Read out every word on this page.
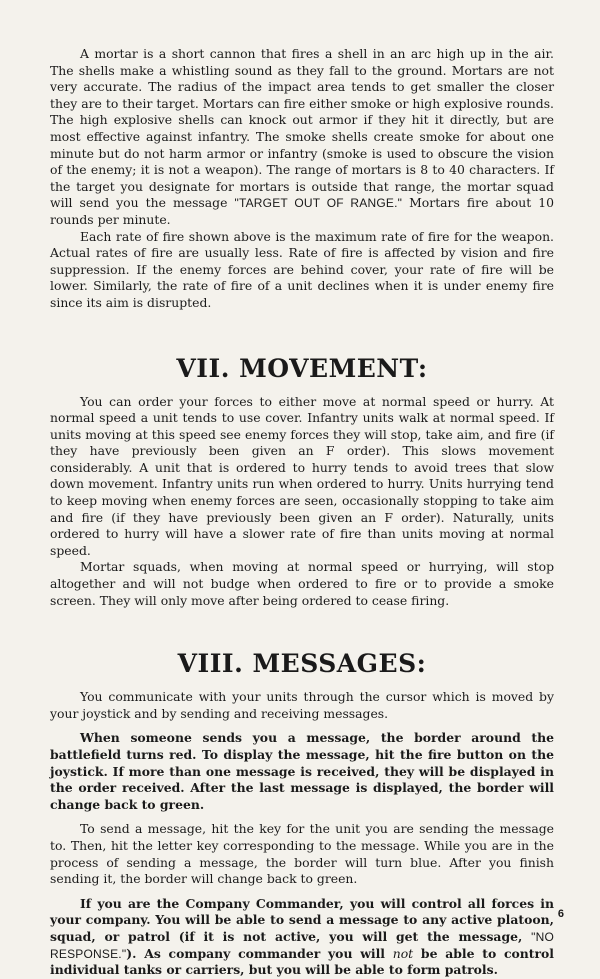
A mortar is a short cannon that fires a shell in an arc high up in the air. The shells make a whistling sound as they fall to the ground. Mortars are not very accurate. The radius of the impact area tends to get smaller the closer they are to their target. Mortars can fire either smoke or high explosive rounds. The high explosive shells can knock out armor if they hit it directly, but are most effective against infantry. The smoke shells create smoke for about one minute but do not harm armor or infantry (smoke is used to obscure the vision of the enemy; it is not a weapon). The range of mortars is 8 to 40 characters. If the target you designate for mortars is outside that range, the mortar squad will send you the message "TARGET OUT OF RANGE." Mortars fire about 10 rounds per minute.

Each rate of fire shown above is the maximum rate of fire for the weapon. Actual rates of fire are usually less. Rate of fire is affected by vision and fire suppression. If the enemy forces are behind cover, your rate of fire will be lower. Similarly, the rate of fire of a unit declines when it is under enemy fire since its aim is disrupted.

VII. MOVEMENT:

You can order your forces to either move at normal speed or hurry. At normal speed a unit tends to use cover. Infantry units walk at normal speed. If units moving at this speed see enemy forces they will stop, take aim, and fire (if they have previously been given an F order). This slows movement considerably. A unit that is ordered to hurry tends to avoid trees that slow down movement. Infantry units run when ordered to hurry. Units hurrying tend to keep moving when enemy forces are seen, occasionally stopping to take aim and fire (if they have previously been given an F order). Naturally, units ordered to hurry will have a slower rate of fire than units moving at normal speed.

Mortar squads, when moving at normal speed or hurrying, will stop altogether and will not budge when ordered to fire or to provide a smoke screen. They will only move after being ordered to cease firing.

VIII. MESSAGES:

You communicate with your units through the cursor which is moved by your joystick and by sending and receiving messages.

When someone sends you a message, the border around the battlefield turns red. To display the message, hit the fire button on the joystick. If more than one message is received, they will be displayed in the order received. After the last message is displayed, the border will change back to green.

To send a message, hit the key for the unit you are sending the message to. Then, hit the letter key corresponding to the message. While you are in the process of sending a message, the border will turn blue. After you finish sending it, the border will change back to green.

If you are the Company Commander, you will control all forces in your company. You will be able to send a message to any active platoon, squad, or patrol (if it is not active, you will get the message, "NO RESPONSE."). As company commander you will not be able to control individual tanks or carriers, but you will be able to form patrols.

6
